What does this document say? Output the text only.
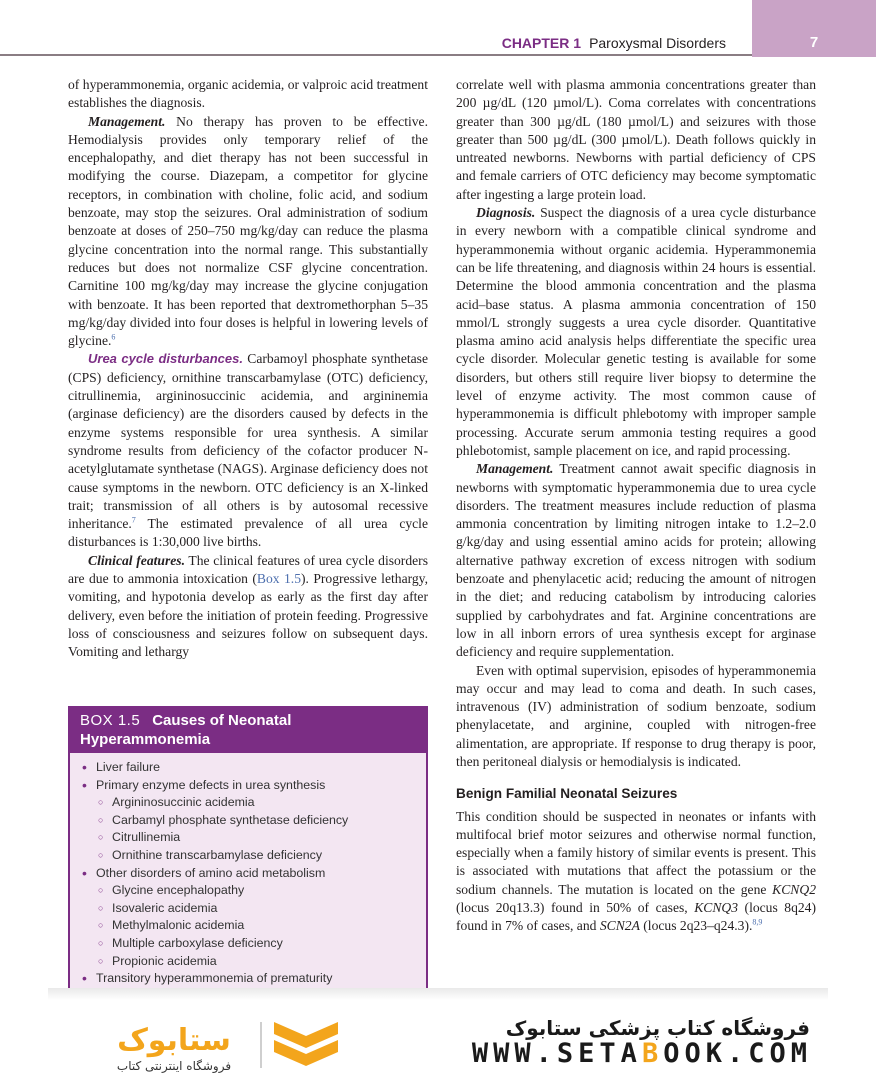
CHAPTER 1 Paroxysmal Disorders	7

of hyperammonemia, organic acidemia, or valproic acid treatment establishes the diagnosis.

Management. No therapy has proven to be effective. Hemodialysis provides only temporary relief of the encephalopathy, and diet therapy has not been successful in modifying the course. Diazepam, a competitor for glycine receptors, in combination with choline, folic acid, and sodium benzoate, may stop the seizures. Oral administration of sodium benzoate at doses of 250–750 mg/kg/day can reduce the plasma glycine concentration into the normal range. This substantially reduces but does not normalize CSF glycine concentration. Carnitine 100 mg/kg/day may increase the glycine conjugation with benzoate. It has been reported that dextromethorphan 5–35 mg/kg/day divided into four doses is helpful in lowering levels of glycine.$^6$

Urea cycle disturbances. Carbamoyl phosphate synthetase (CPS) deficiency, ornithine transcarbamylase (OTC) deficiency, citrullinemia, argininosuccinic acidemia, and argininemia (arginase deficiency) are the disorders caused by defects in the enzyme systems responsible for urea synthesis. A similar syndrome results from deficiency of the cofactor producer N-acetylglutamate synthetase (NAGS). Arginase deficiency does not cause symptoms in the newborn. OTC deficiency is an X-linked trait; transmission of all others is by autosomal recessive inheritance.$^7$ The estimated prevalence of all urea cycle disturbances is 1:30,000 live births.

Clinical features. The clinical features of urea cycle disorders are due to ammonia intoxication (Box 1.5). Progressive lethargy, vomiting, and hypotonia develop as early as the first day after delivery, even before the initiation of protein feeding. Progressive loss of consciousness and seizures follow on subsequent days. Vomiting and lethargy

BOX 1.5 Causes of Neonatal Hyperammonemia
• Liver failure
• Primary enzyme defects in urea synthesis
○ Argininosuccinic acidemia
○ Carbamyl phosphate synthetase deficiency
○ Citrullinemia
○ Ornithine transcarbamylase deficiency
• Other disorders of amino acid metabolism
○ Glycine encephalopathy
○ Isovaleric acidemia
○ Methylmalonic acidemia
○ Multiple carboxylase deficiency
○ Propionic acidemia
• Transitory hyperammonemia of prematurity

correlate well with plasma ammonia concentrations greater than 200 µg/dL (120 µmol/L). Coma correlates with concentrations greater than 300 µg/dL (180 µmol/L) and seizures with those greater than 500 µg/dL (300 µmol/L). Death follows quickly in untreated newborns. Newborns with partial deficiency of CPS and female carriers of OTC deficiency may become symptomatic after ingesting a large protein load.

Diagnosis. Suspect the diagnosis of a urea cycle disturbance in every newborn with a compatible clinical syndrome and hyperammonemia without organic acidemia. Hyperammonemia can be life threatening, and diagnosis within 24 hours is essential. Determine the blood ammonia concentration and the plasma acid–base status. A plasma ammonia concentration of 150 mmol/L strongly suggests a urea cycle disorder. Quantitative plasma amino acid analysis helps differentiate the specific urea cycle disorder. Molecular genetic testing is available for some disorders, but others still require liver biopsy to determine the level of enzyme activity. The most common cause of hyperammonemia is difficult phlebotomy with improper sample processing. Accurate serum ammonia testing requires a good phlebotomist, sample placement on ice, and rapid processing.

Management. Treatment cannot await specific diagnosis in newborns with symptomatic hyperammonemia due to urea cycle disorders. The treatment measures include reduction of plasma ammonia concentration by limiting nitrogen intake to 1.2–2.0 g/kg/day and using essential amino acids for protein; allowing alternative pathway excretion of excess nitrogen with sodium benzoate and phenylacetic acid; reducing the amount of nitrogen in the diet; and reducing catabolism by introducing calories supplied by carbohydrates and fat. Arginine concentrations are low in all inborn errors of urea synthesis except for arginase deficiency and require supplementation.

Even with optimal supervision, episodes of hyperammonemia may occur and may lead to coma and death. In such cases, intravenous (IV) administration of sodium benzoate, sodium phenylacetate, and arginine, coupled with nitrogen-free alimentation, are appropriate. If response to drug therapy is poor, then peritoneal dialysis or hemodialysis is indicated.

Benign Familial Neonatal Seizures

This condition should be suspected in neonates or infants with multifocal brief motor seizures and otherwise normal function, especially when a family history of similar events is present. This is associated with mutations that affect the potassium or the sodium channels. The mutation is located on the gene KCNQ2 (locus 20q13.3) found in 50% of cases, KCNQ3 (locus 8q24) found in 7% of cases, and SCN2A (locus 2q23–q24.3).$^{8,9}$

ستابوک
فروشگاه اینترنتی کتاب
فروشگاه کتاب پزشکی ستابوک
WWW.SETABOOK.COM
